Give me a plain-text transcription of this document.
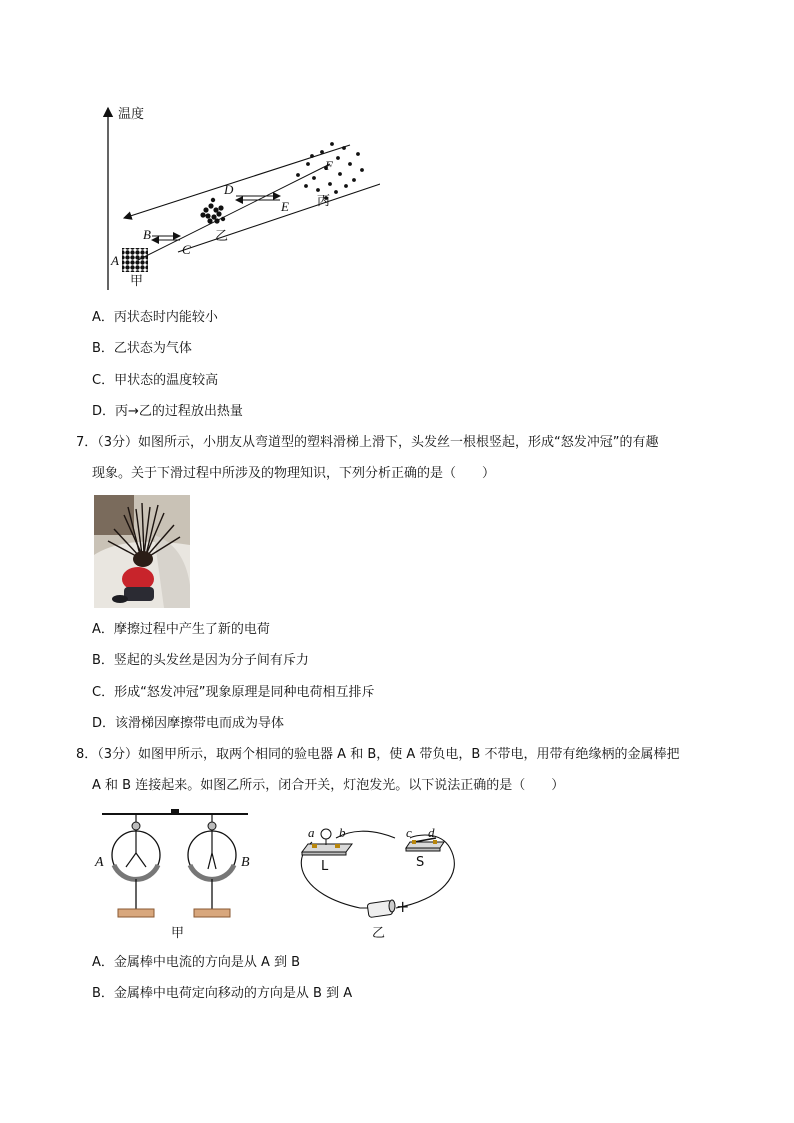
温度
A
B
C
D
E
F
甲
乙
丙
A．丙状态时内能较小
B．乙状态为气体
C．甲状态的温度较高
D．丙→乙的过程放出热量
7．（3分）如图所示，小朋友从弯道型的塑料滑梯上滑下，头发丝一根根竖起，形成“怒发冲冠”的有趣
现象。关于下滑过程中所涉及的物理知识，下列分析正确的是（　　）
A．摩擦过程中产生了新的电荷
B．竖起的头发丝是因为分子间有斥力
C．形成“怒发冲冠”现象原理是同种电荷相互排斥
D．该滑梯因摩擦带电而成为导体
8．（3分）如图甲所示，取两个相同的验电器 A 和 B，使 A 带负电，B 不带电，用带有绝缘柄的金属棒把
A 和 B 连接起来。如图乙所示，闭合开关，灯泡发光。以下说法正确的是（　　）
A	B
甲
a b	c d
L	S
+
乙
A．金属棒中电流的方向是从 A 到 B
B．金属棒中电荷定向移动的方向是从 B 到 A
